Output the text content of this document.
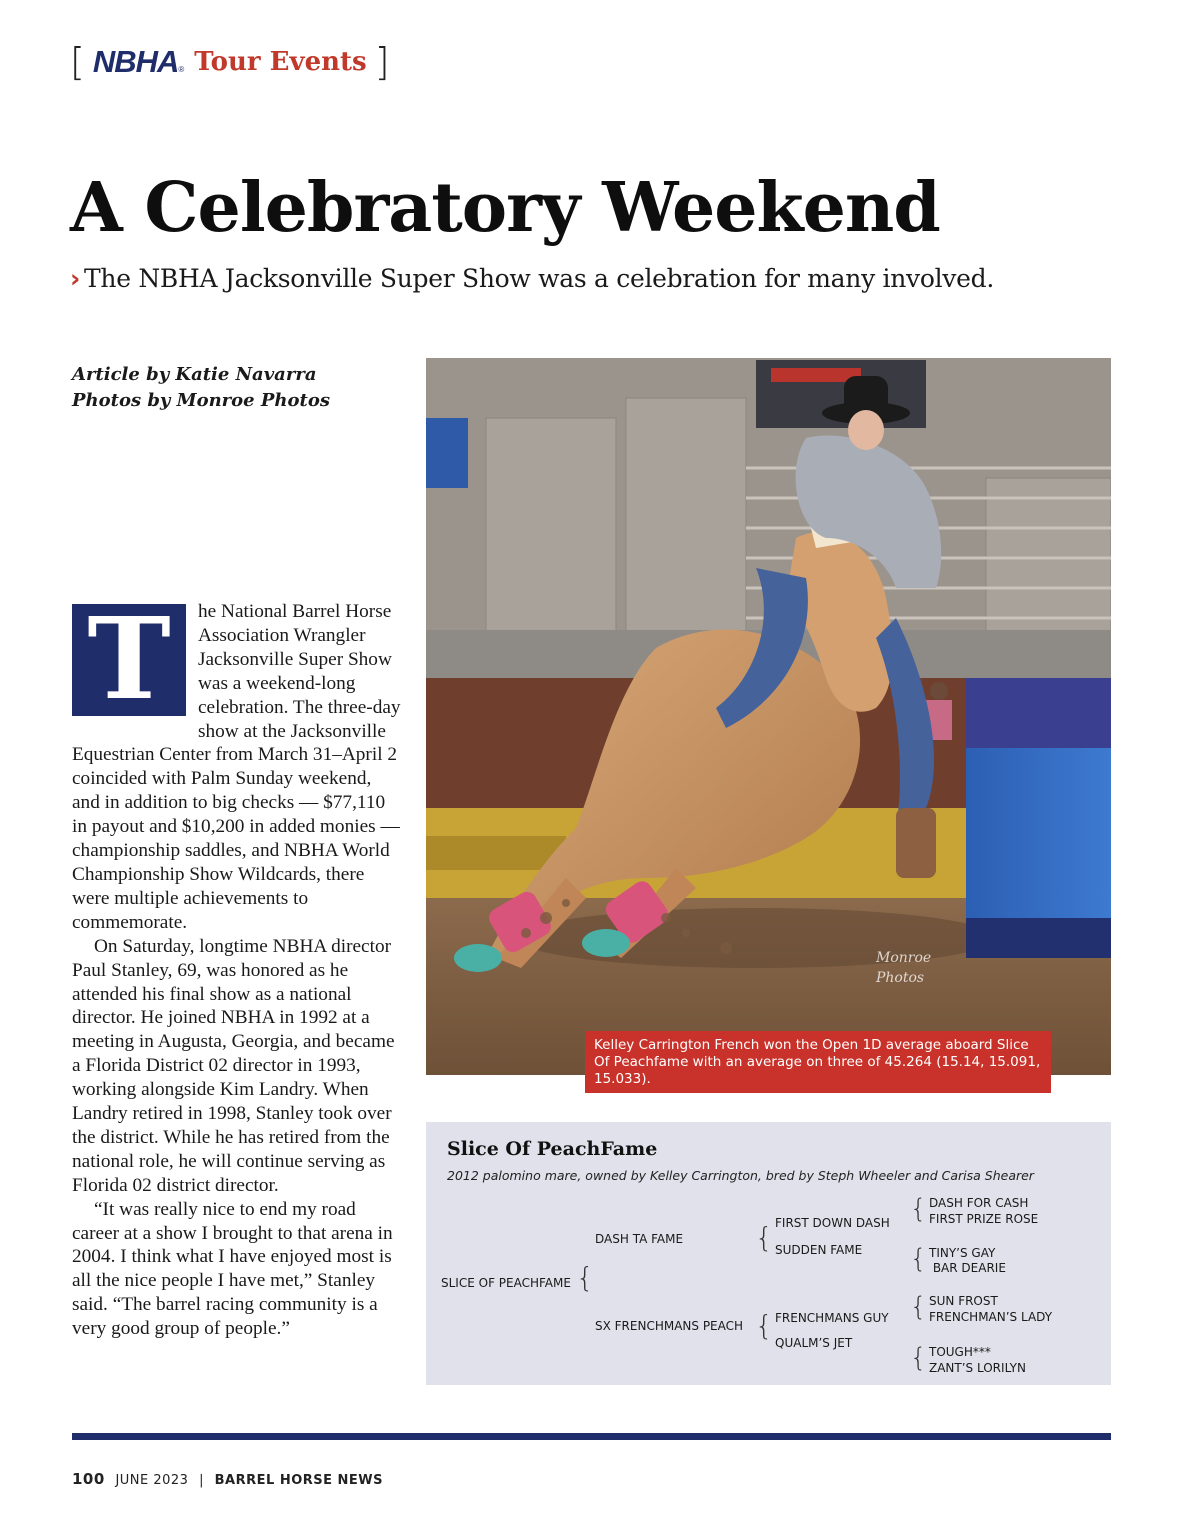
[ NBHA ® Tour Events ]
A Celebratory Weekend
› The NBHA Jacksonville Super Show was a celebration for many involved.
Article by Katie Navarra
Photos by Monroe Photos

T	he National Barrel Horse Association Wrangler Jacksonville Super Show was a weekend-long celebration. The three-day show at the Jacksonville Equestrian Center from March 31–April 2 coincided with Palm Sunday weekend, and in addition to big checks — $77,110 in payout and $10,200 in added monies — championship saddles, and NBHA World Championship Show Wildcards, there were multiple achievements to commemorate.

On Saturday, longtime NBHA director Paul Stanley, 69, was honored as he attended his final show as a national director. He joined NBHA in 1992 at a meeting in Augusta, Georgia, and became a Florida District 02 director in 1993, working alongside Kim Landry. When Landry retired in 1998, Stanley took over the district. While he has retired from the national role, he will continue serving as Florida 02 district director.

“It was really nice to end my road career at a show I brought to that arena in 2004. I think what I have enjoyed most is all the nice people I have met,” Stanley said. “The barrel racing community is a very good group of people.”

Monroe
Photos
Kelley Carrington French won the Open 1D average aboard Slice Of Peachfame with an average on three of 45.264 (15.14, 15.091, 15.033).
Slice Of PeachFame
2012 palomino mare, owned by Kelley Carrington, bred by Steph Wheeler and Carisa Shearer
SLICE OF PEACHFAME {
DASH TA FAME
SX FRENCHMANS PEACH
{
{
FIRST DOWN DASH
SUDDEN FAME
FRENCHMANS GUY
QUALM’S JET
{
{
{
{
DASH FOR CASH
FIRST PRIZE ROSE
TINY’S GAY
BAR DEARIE
SUN FROST
FRENCHMAN’S LADY
TOUGH***
ZANT’S LORILYN
100 JUNE 2023 | BARREL HORSE NEWS
